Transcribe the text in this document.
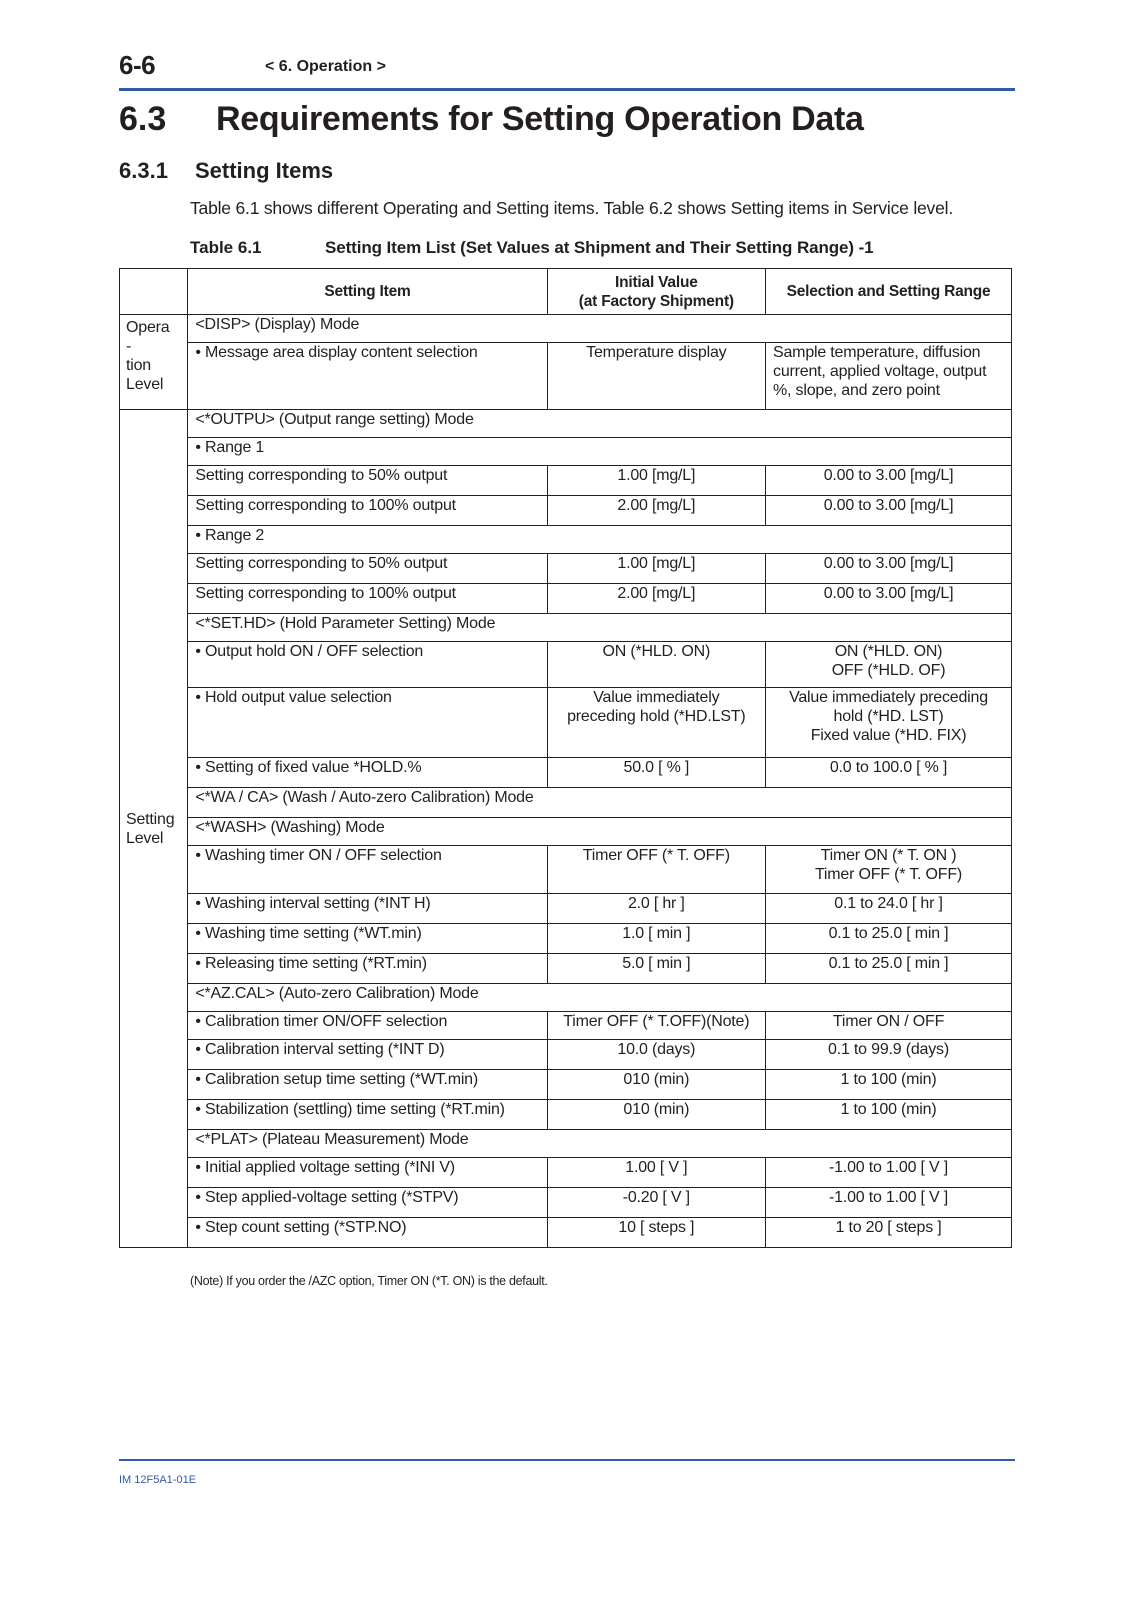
6-6	< 6. Operation >
6.3 Requirements for Setting Operation Data
6.3.1 Setting Items
Table 6.1 shows different Operating and Setting items. Table 6.2 shows Setting items in Service level.
Table 6.1	Setting Item List (Set Values at Shipment and Their Setting Range) -1
	Setting Item	Initial Value
(at Factory Shipment)	Selection and Setting Range
Opera
-
tion
Level	<DISP> (Display) Mode		
	• Message area display content selection	Temperature display	Sample temperature, diffusion current, applied voltage, output %, slope, and zero point
Setting
Level	<*OUTPU> (Output range setting) Mode		
	• Range 1		
	Setting corresponding to 50% output	1.00 [mg/L]	0.00 to 3.00 [mg/L]
	Setting corresponding to 100% output	2.00 [mg/L]	0.00 to 3.00 [mg/L]
	• Range 2		
	Setting corresponding to 50% output	1.00 [mg/L]	0.00 to 3.00 [mg/L]
	Setting corresponding to 100% output	2.00 [mg/L]	0.00 to 3.00 [mg/L]
	<*SET.HD> (Hold Parameter Setting) Mode		
	• Output hold ON / OFF selection	ON (*HLD. ON)	ON (*HLD. ON)
OFF (*HLD. OF)
	• Hold output value selection	Value immediately
preceding hold (*HD.LST)	Value immediately preceding
hold (*HD. LST)
Fixed value (*HD. FIX)
	• Setting of fixed value *HOLD.%	50.0 [ % ]	0.0 to 100.0 [ % ]
	<*WA / CA> (Wash / Auto-zero Calibration) Mode		
	<*WASH> (Washing) Mode		
	• Washing timer ON / OFF selection	Timer OFF (* T. OFF)	Timer ON (* T. ON )
Timer OFF (* T. OFF)
	• Washing interval setting (*INT H)	2.0 [ hr ]	0.1 to 24.0 [ hr ]
	• Washing time setting (*WT.min)	1.0 [ min ]	0.1 to 25.0 [ min ]
	• Releasing time setting (*RT.min)	5.0 [ min ]	0.1 to 25.0 [ min ]
	<*AZ.CAL> (Auto-zero Calibration) Mode		
	• Calibration timer ON/OFF selection	Timer OFF (* T.OFF)(Note)	Timer ON / OFF
	• Calibration interval setting (*INT D)	10.0 (days)	0.1 to 99.9 (days)
	• Calibration setup time setting (*WT.min)	010 (min)	1 to 100 (min)
	• Stabilization (settling) time setting (*RT.min)	010 (min)	1 to 100 (min)
	<*PLAT> (Plateau Measurement) Mode		
	• Initial applied voltage setting (*INI V)	1.00 [ V ]	-1.00 to 1.00 [ V ]
	• Step applied-voltage setting (*STPV)	-0.20 [ V ]	-1.00 to 1.00 [ V ]
	• Step count setting (*STP.NO)	10 [ steps ]	1 to 20 [ steps ]
(Note) If you order the /AZC option, Timer ON (*T. ON) is the default.
IM 12F5A1-01E
